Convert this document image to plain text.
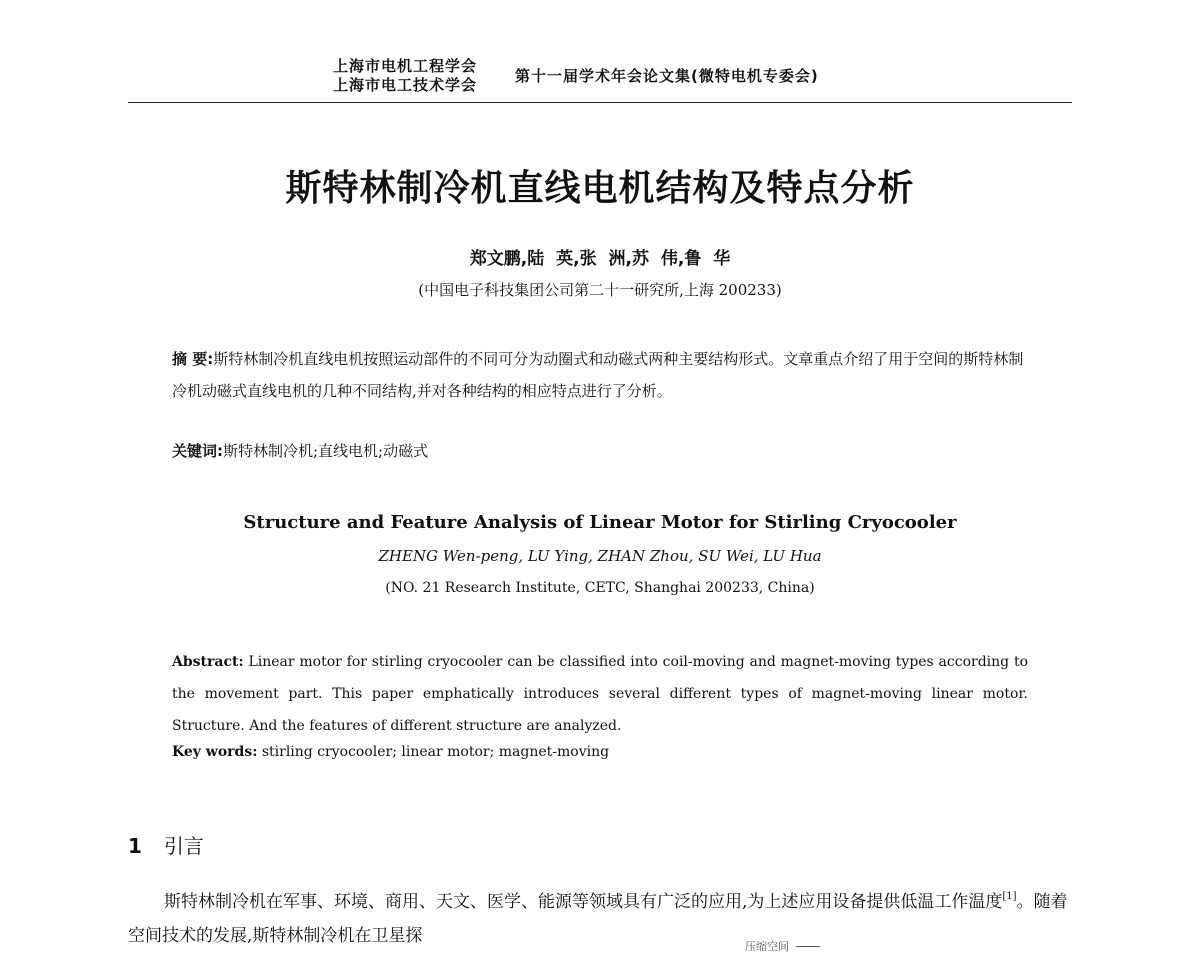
上海市电机工程学会
上海市电工技术学会	第十一届学术年会论文集(微特电机专委会)
斯特林制冷机直线电机结构及特点分析
郑文鹏,陆 英,张 洲,苏 伟,鲁 华
(中国电子科技集团公司第二十一研究所,上海 200233)
摘 要:斯特林制冷机直线电机按照运动部件的不同可分为动圈式和动磁式两种主要结构形式。文章重点介绍了用于空间的斯特林制冷机动磁式直线电机的几种不同结构,并对各种结构的相应特点进行了分析。
关键词:斯特林制冷机;直线电机;动磁式
Structure and Feature Analysis of Linear Motor for Stirling Cryocooler
ZHENG Wen-peng, LU Ying, ZHAN Zhou, SU Wei, LU Hua
(NO. 21 Research Institute, CETC, Shanghai 200233, China)
Abstract: Linear motor for stirling cryocooler can be classified into coil-moving and magnet-moving types according to the movement part. This paper emphatically introduces several different types of magnet-moving linear motor. Structure. And the features of different structure are analyzed.
Key words: stirling cryocooler; linear motor; magnet-moving
1 引言
斯特林制冷机在军事、环境、商用、天文、医学、能源等领域具有广泛的应用,为上述应用设备提供低温工作温度[1]。随着空间技术的发展,斯特林制冷机在卫星探
压缩空间
